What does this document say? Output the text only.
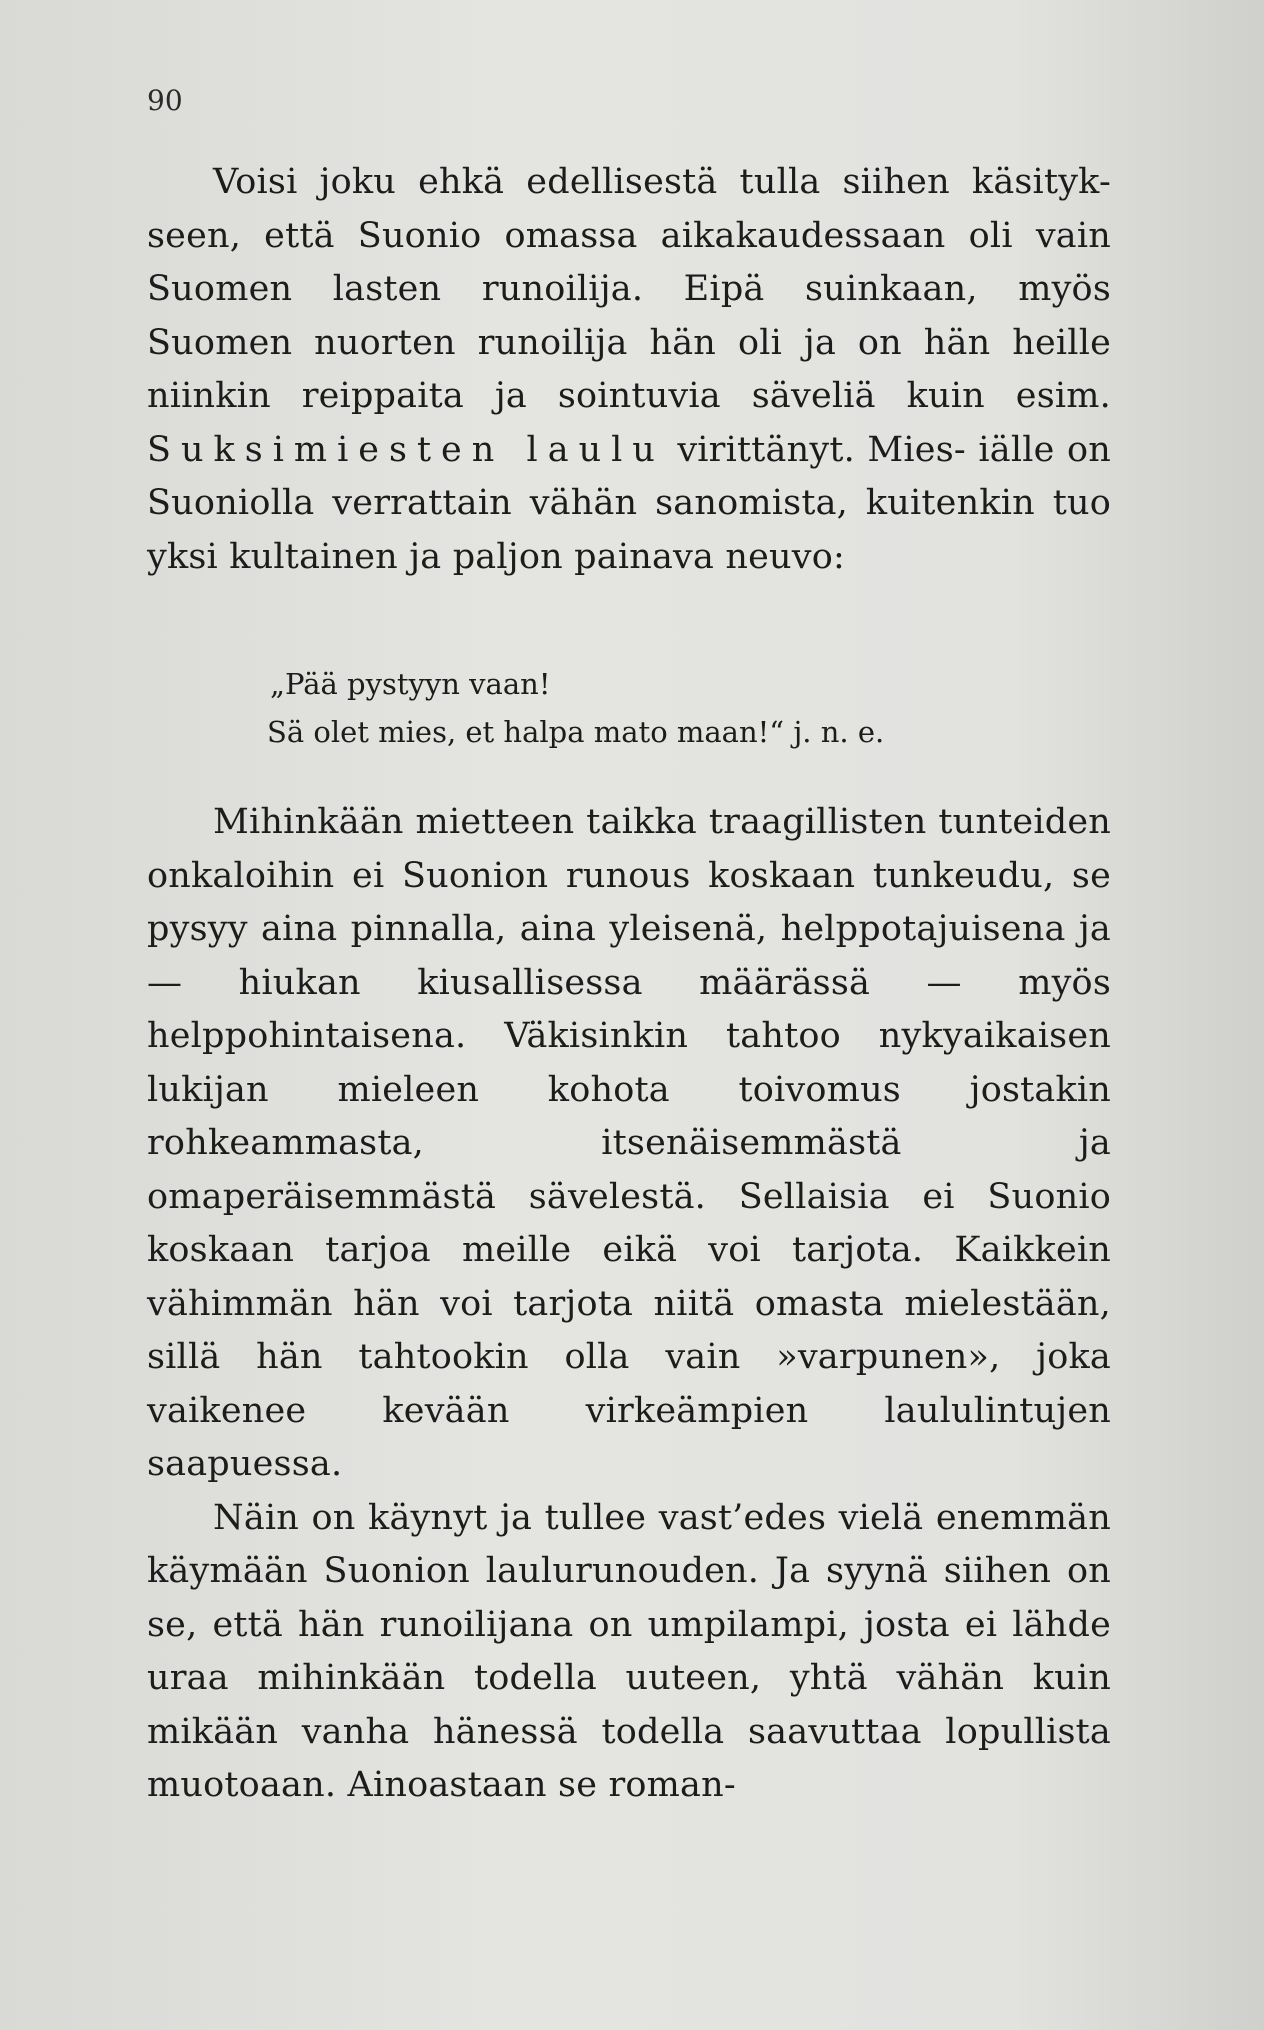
90
Voisi joku ehkä edellisestä tulla siihen käsityk- seen, että Suonio omassa aikakaudessaan oli vain Suomen lasten runoilija. Eipä suinkaan, myös Suomen nuorten runoilija hän oli ja on hän heille niinkin reippaita ja sointuvia säveliä kuin esim. Suksimiesten laulu virittänyt. Mies- iälle on Suoniolla verrattain vähän sanomista, kuitenkin tuo yksi kultainen ja paljon painava neuvo:
„Pää pystyyn vaan!
Sä olet mies, et halpa mato maan!“ j. n. e.

Mihinkään mietteen taikka traagillisten tunteiden onkaloihin ei Suonion runous koskaan tunkeudu, se pysyy aina pinnalla, aina yleisenä, helppotajuisena ja — hiukan kiusallisessa määrässä — myös helppohintaisena. Väkisinkin tahtoo nykyaikaisen lukijan mieleen kohota toivomus jostakin rohkeammasta, itsenäisemmästä ja omaperäisemmästä sävelestä. Sellaisia ei Suonio koskaan tarjoa meille eikä voi tarjota. Kaikkein vähimmän hän voi tarjota niitä omasta mielestään, sillä hän tahtookin olla vain »varpunen», joka vaikenee kevään virkeämpien laululintujen saapuessa.

Näin on käynyt ja tullee vast’edes vielä enemmän käymään Suonion laulurunouden. Ja syynä siihen on se, että hän runoilijana on umpilampi, josta ei lähde uraa mihinkään todella uuteen, yhtä vähän kuin mikään vanha hänessä todella saavuttaa lopullista muotoaan. Ainoastaan se roman-
